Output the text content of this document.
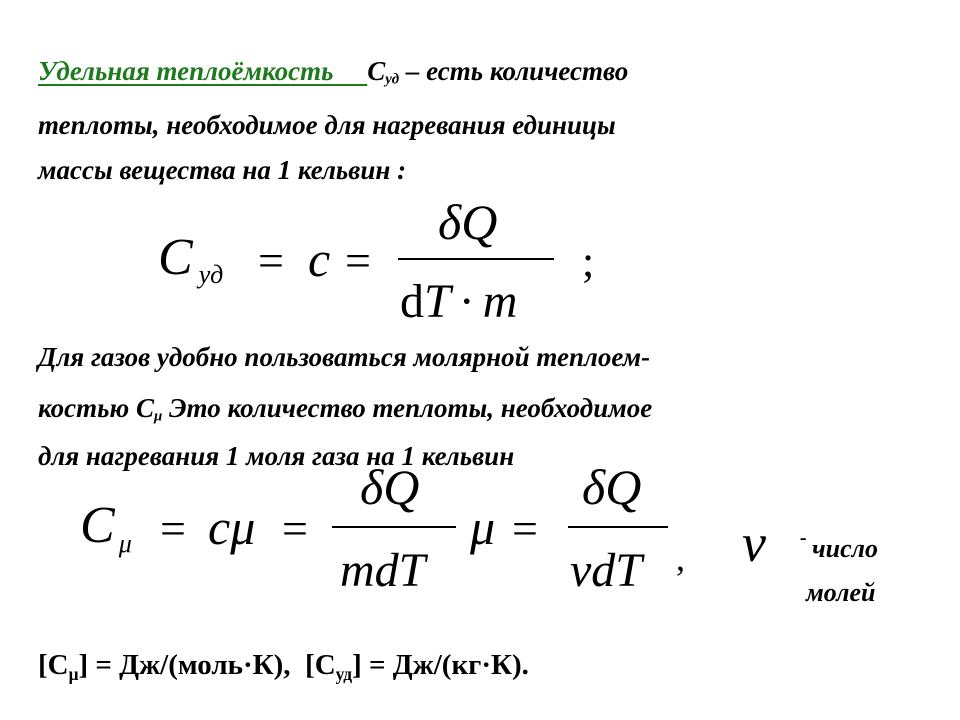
Удельная теплоёмкость $C_{уд}$ – есть количество
теплоты, необходимое для нагревания единицы
массы вещества на 1 кельвин :
Cуд = c =
δQ
dT · m
;
Для газов удобно пользоваться молярной теплоем-
костью $C_\mu$ Это количество теплоты, необходимое
для нагревания 1 моля газа на 1 кельвин
C $_\mu$ = cμ =
δQ
mdT
μ =
δQ
νdT , ν - число
молей
$[C_\mu]$ = Дж/(моль·К), $[C_{уд}] = Дж/(кг\cdot К)$.
